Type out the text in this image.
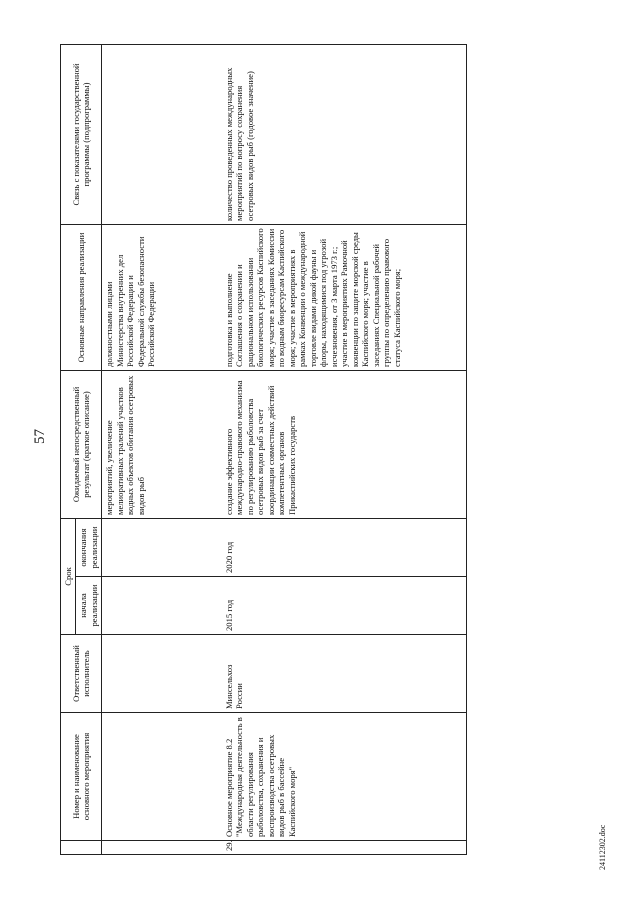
57
	Номер и наименование основного мероприятия	Ответственный исполнитель	Срок		Ожидаемый непосредственный результат (краткое описание)	Основные направления реализации	Связь с показателями государственной программы (подпрограммы)
			начала реализации	окончания реализации			
					мероприятий, увеличение мелиоративных тралений участков водных объектов обитания осетровых видов рыб	должностными лицами Министерства внутренних дел Российской Федерации и Федеральной службы безопасности Российской Федерации	
29.	Основное мероприятие 8.2 "Международная деятельность в области регулирования рыболовства, сохранения и воспроизводства осетровых видов рыб в бассейне Каспийского моря"	Минсельхоз России	2015 год	2020 год	создание эффективного международно-правового механизма по регулированию рыболовства осетровых видов рыб за счет координации совместных действий компетентных органов Прикаспийских государств	подготовка и выполнение Соглашения о сохранении и рациональном использовании биологических ресурсов Каспийского моря; участие в заседаниях Комиссии по водным биоресурсам Каспийского моря; участие в мероприятиях в рамках Конвенции о международной торговле видами дикой фауны и флоры, находящимися под угрозой исчезновения, от 3 марта 1973 г.; участие в мероприятиях Рамочной конвенции по защите морской среды Каспийского моря; участие в заседаниях Специальной рабочей группы по определению правового статуса Каспийского моря;	количество проведенных международных мероприятий по вопросу сохранения осетровых видов рыб (годовое значение)
24112302.doc
